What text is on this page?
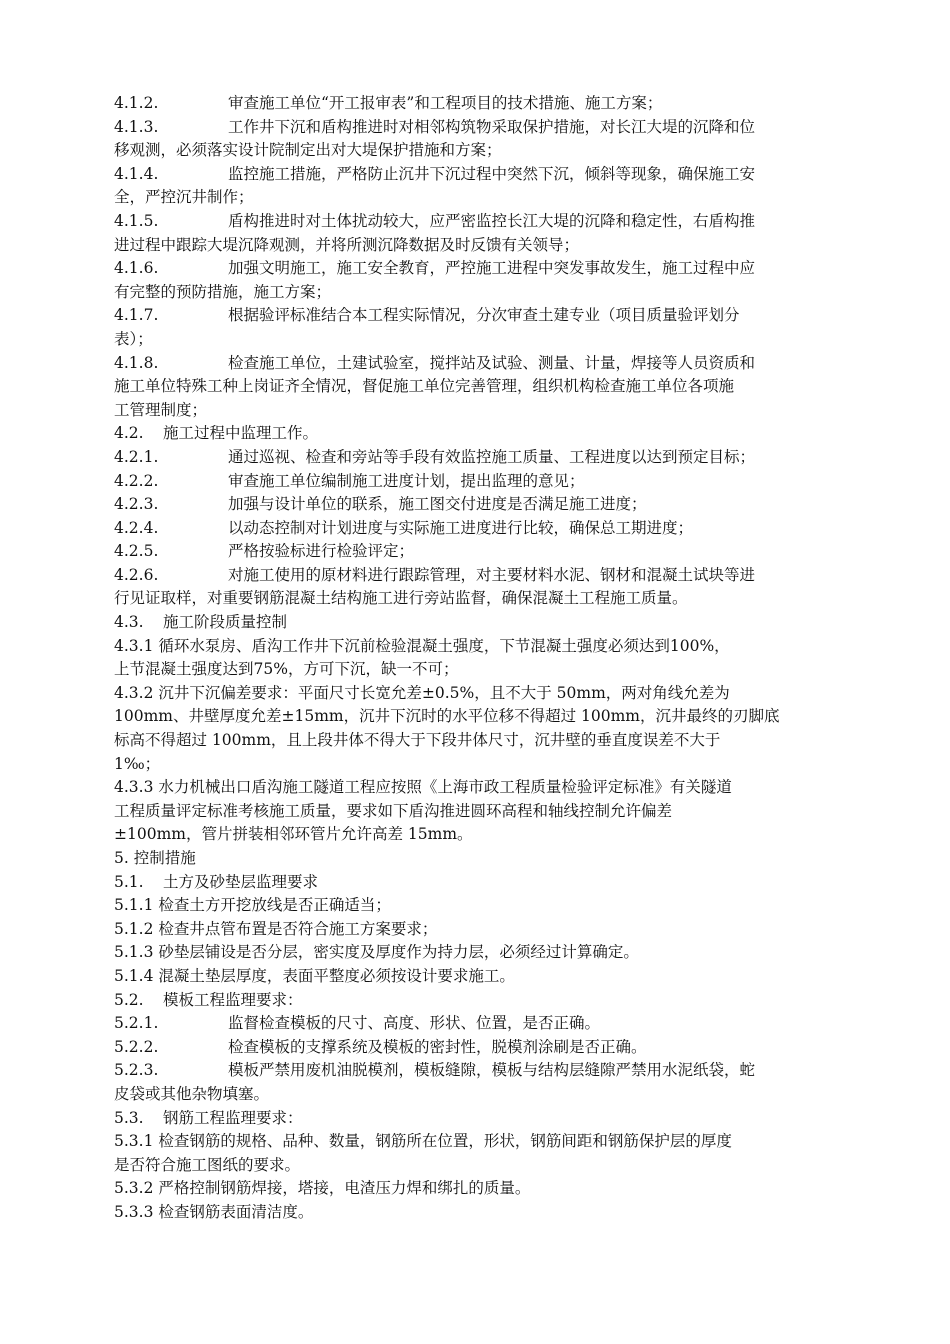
4.1.2.	审查施工单位“开工报审表”和工程项目的技术措施、施工方案；
4.1.3.	工作井下沉和盾构推进时对相邻构筑物采取保护措施，对长江大堤的沉降和位
移观测，必须落实设计院制定出对大堤保护措施和方案；
4.1.4.	监控施工措施，严格防止沉井下沉过程中突然下沉，倾斜等现象，确保施工安
全，严控沉井制作；
4.1.5.	盾构推进时对土体扰动较大，应严密监控长江大堤的沉降和稳定性，右盾构推
进过程中跟踪大堤沉降观测，并将所测沉降数据及时反馈有关领导；
4.1.6.	加强文明施工，施工安全教育，严控施工进程中突发事故发生，施工过程中应
有完整的预防措施，施工方案；
4.1.7.	根据验评标准结合本工程实际情况，分次审查土建专业（项目质量验评划分
表）；
4.1.8.	检查施工单位，土建试验室，搅拌站及试验、测量、计量，焊接等人员资质和
施工单位特殊工种上岗证齐全情况，督促施工单位完善管理，组织机构检查施工单位各项施
工管理制度；
4.2. 施工过程中监理工作。
4.2.1.	通过巡视、检查和旁站等手段有效监控施工质量、工程进度以达到预定目标；
4.2.2.	审查施工单位编制施工进度计划，提出监理的意见；
4.2.3.	加强与设计单位的联系，施工图交付进度是否满足施工进度；
4.2.4.	以动态控制对计划进度与实际施工进度进行比较，确保总工期进度；
4.2.5.	严格按验标进行检验评定；
4.2.6.	对施工使用的原材料进行跟踪管理，对主要材料水泥、钢材和混凝土试块等进
行见证取样，对重要钢筋混凝土结构施工进行旁站监督，确保混凝土工程施工质量。
4.3. 施工阶段质量控制
4.3.1 循环水泵房、盾沟工作井下沉前检验混凝土强度，下节混凝土强度必须达到100%，
上节混凝土强度达到75%，方可下沉，缺一不可；
4.3.2 沉井下沉偏差要求：平面尺寸长宽允差±0.5%，且不大于 50mm，两对角线允差为
100mm、井壁厚度允差±15mm，沉井下沉时的水平位移不得超过 100mm，沉井最终的刃脚底
标高不得超过 100mm，且上段井体不得大于下段井体尺寸，沉井壁的垂直度误差不大于
1‰；
4.3.3 水力机械出口盾沟施工隧道工程应按照《上海市政工程质量检验评定标准》有关隧道
工程质量评定标准考核施工质量，要求如下盾沟推进圆环高程和轴线控制允许偏差
±100mm，管片拼装相邻环管片允许高差 15mm。
5. 控制措施
5.1. 土方及砂垫层监理要求
5.1.1 检查土方开挖放线是否正确适当；
5.1.2 检查井点管布置是否符合施工方案要求；
5.1.3 砂垫层铺设是否分层，密实度及厚度作为持力层，必须经过计算确定。
5.1.4 混凝土垫层厚度，表面平整度必须按设计要求施工。
5.2. 模板工程监理要求：
5.2.1.	监督检查模板的尺寸、高度、形状、位置，是否正确。
5.2.2.	检查模板的支撑系统及模板的密封性，脱模剂涂刷是否正确。
5.2.3.	模板严禁用废机油脱模剂，模板缝隙，模板与结构层缝隙严禁用水泥纸袋，蛇
皮袋或其他杂物填塞。
5.3. 钢筋工程监理要求：
5.3.1 检查钢筋的规格、品种、数量，钢筋所在位置，形状，钢筋间距和钢筋保护层的厚度
是否符合施工图纸的要求。
5.3.2 严格控制钢筋焊接，塔接，电渣压力焊和绑扎的质量。
5.3.3 检查钢筋表面清洁度。
